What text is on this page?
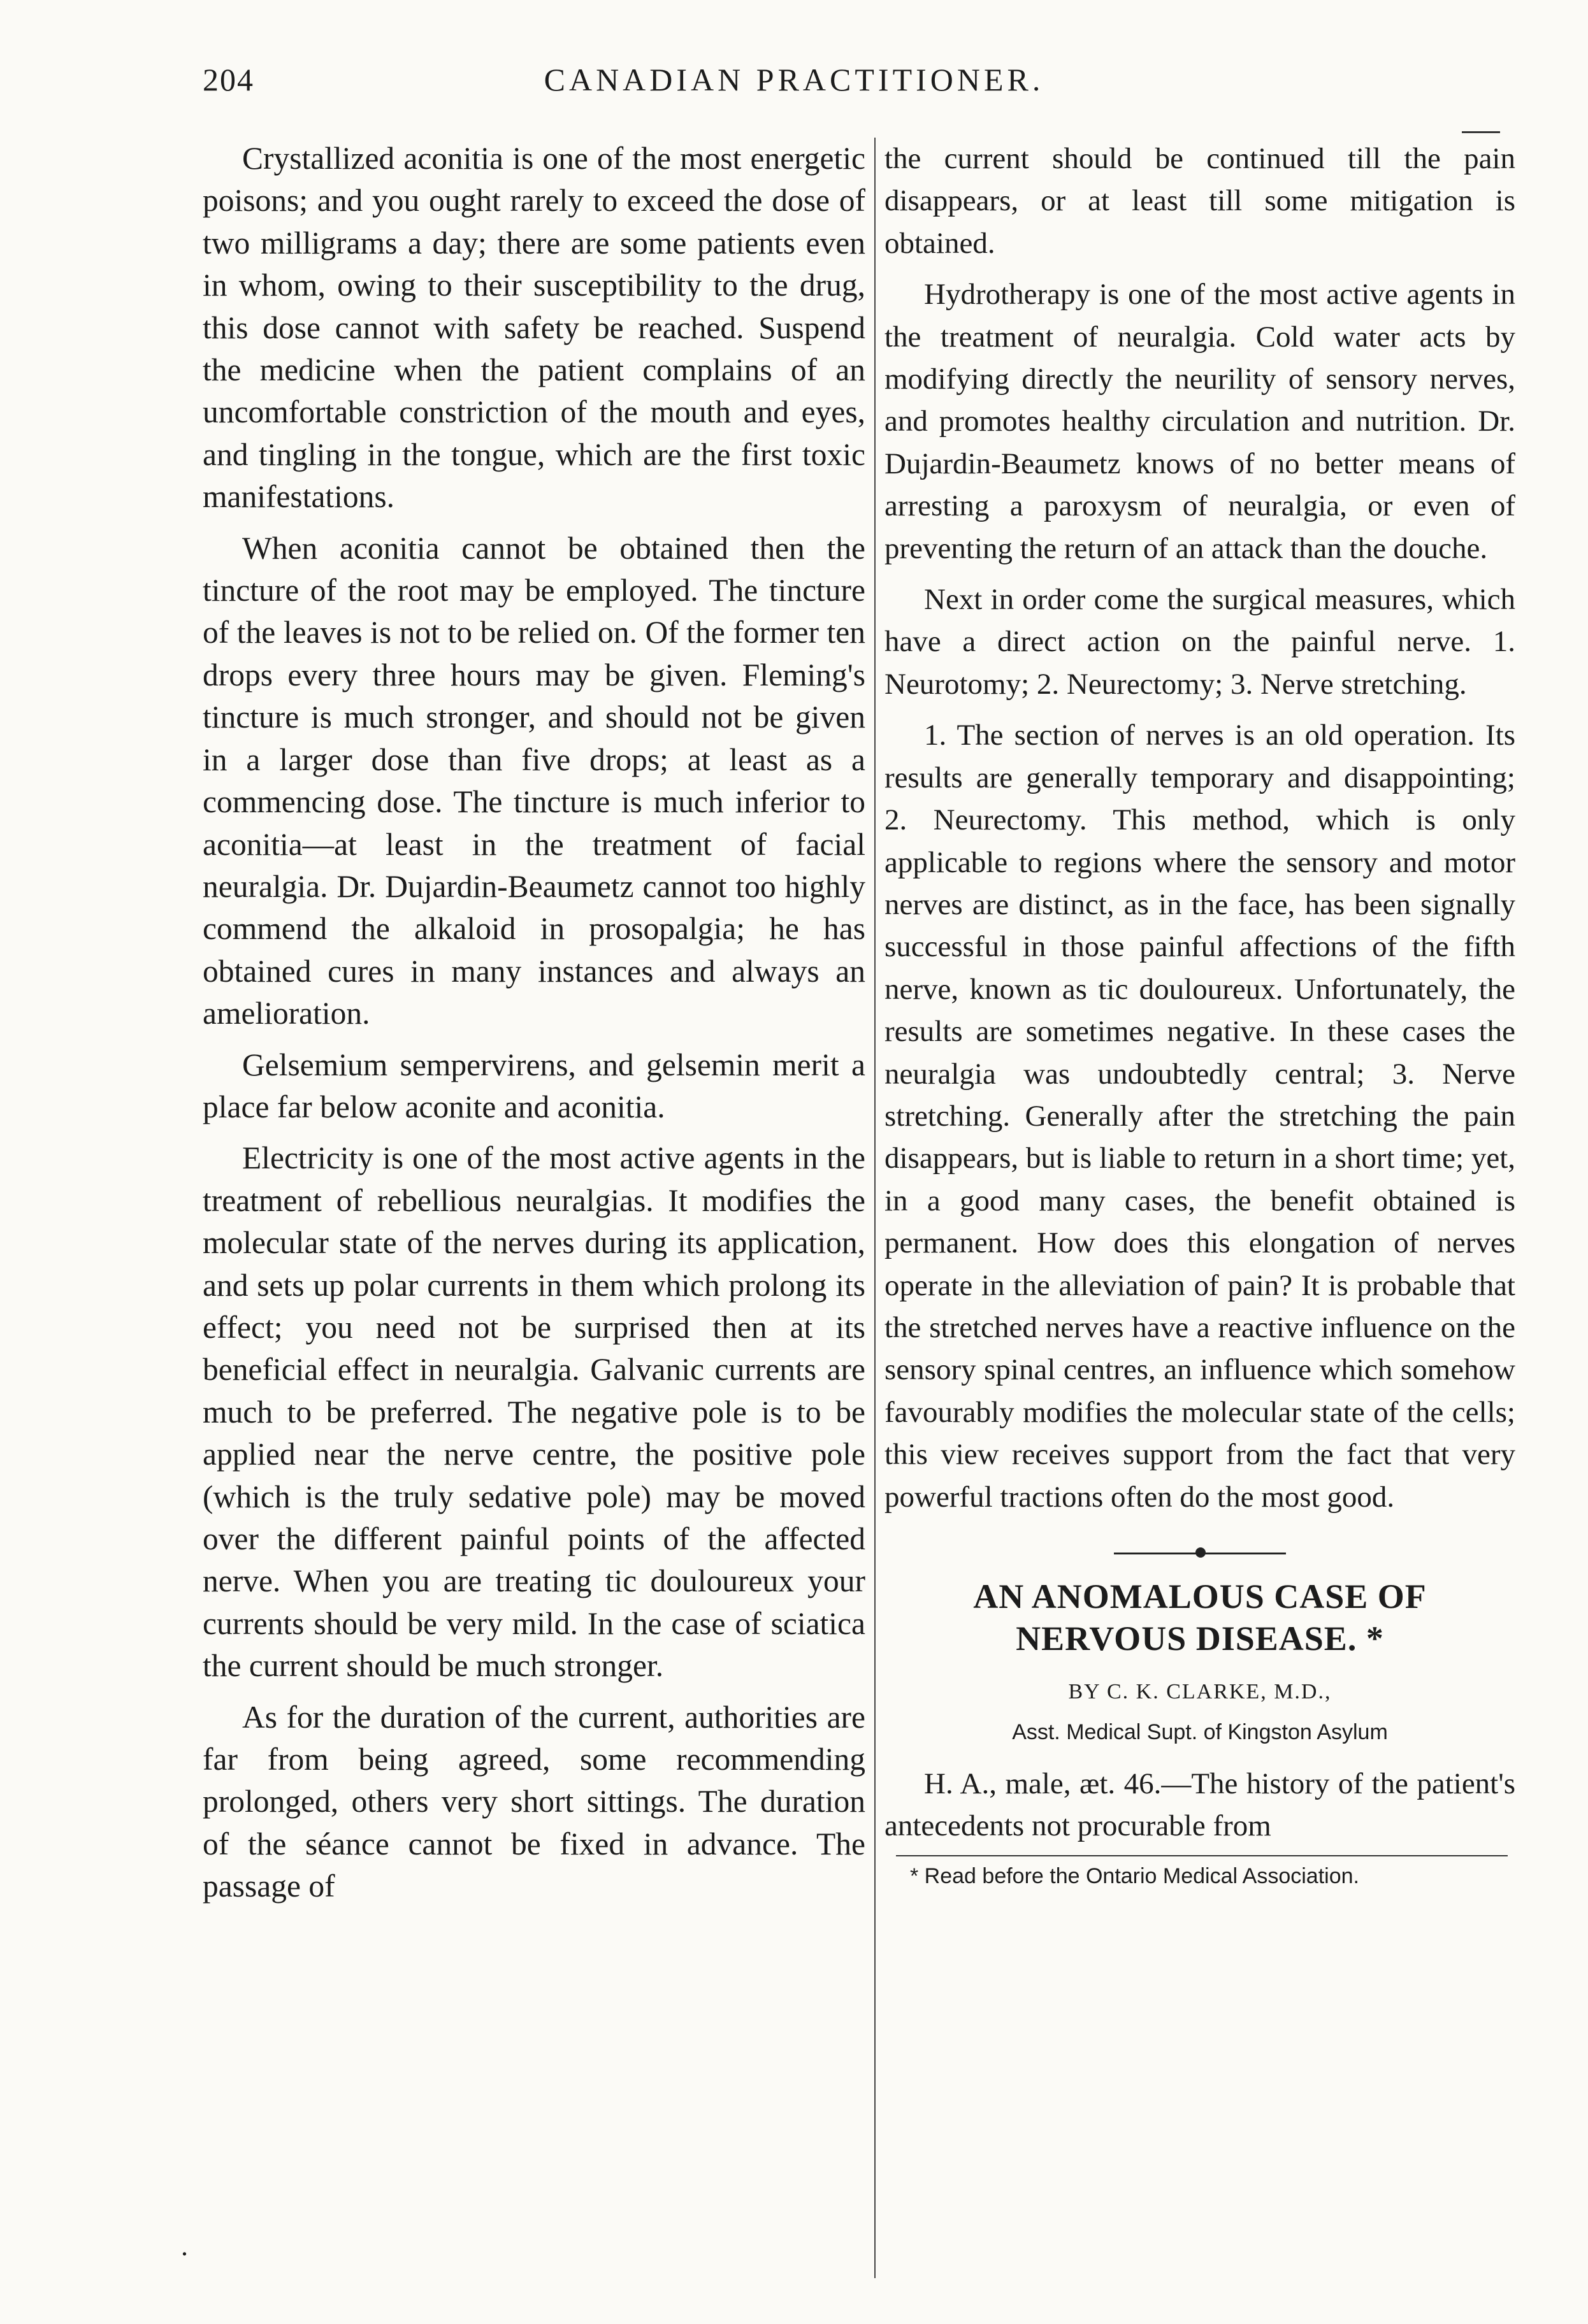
204	CANADIAN PRACTITIONER.

Crystallized aconitia is one of the most energetic poisons; and you ought rarely to exceed the dose of two milligrams a day; there are some patients even in whom, owing to their susceptibility to the drug, this dose cannot with safety be reached. Suspend the medicine when the patient complains of an uncomfortable constriction of the mouth and eyes, and tingling in the tongue, which are the first toxic manifestations.

When aconitia cannot be obtained then the tincture of the root may be employed. The tincture of the leaves is not to be relied on. Of the former ten drops every three hours may be given. Fleming's tincture is much stronger, and should not be given in a larger dose than five drops; at least as a commencing dose. The tincture is much inferior to aconitia—at least in the treatment of facial neuralgia. Dr. Dujardin-Beaumetz cannot too highly commend the alkaloid in prosopalgia; he has obtained cures in many instances and always an amelioration.

Gelsemium sempervirens, and gelsemin merit a place far below aconite and aconitia.

Electricity is one of the most active agents in the treatment of rebellious neuralgias. It modifies the molecular state of the nerves during its application, and sets up polar currents in them which prolong its effect; you need not be surprised then at its beneficial effect in neuralgia. Galvanic currents are much to be preferred. The negative pole is to be applied near the nerve centre, the positive pole (which is the truly sedative pole) may be moved over the different painful points of the affected nerve. When you are treating tic douloureux your currents should be very mild. In the case of sciatica the current should be much stronger.

As for the duration of the current, authorities are far from being agreed, some recommending prolonged, others very short sittings. The duration of the séance cannot be fixed in advance. The passage of

the current should be continued till the pain disappears, or at least till some mitigation is obtained.

Hydrotherapy is one of the most active agents in the treatment of neuralgia. Cold water acts by modifying directly the neurility of sensory nerves, and promotes healthy circulation and nutrition. Dr. Dujardin-Beaumetz knows of no better means of arresting a paroxysm of neuralgia, or even of preventing the return of an attack than the douche.

Next in order come the surgical measures, which have a direct action on the painful nerve. 1. Neurotomy; 2. Neurectomy; 3. Nerve stretching.

1. The section of nerves is an old operation. Its results are generally temporary and disappointing; 2. Neurectomy. This method, which is only applicable to regions where the sensory and motor nerves are distinct, as in the face, has been signally successful in those painful affections of the fifth nerve, known as tic douloureux. Unfortunately, the results are sometimes negative. In these cases the neuralgia was undoubtedly central; 3. Nerve stretching. Generally after the stretching the pain disappears, but is liable to return in a short time; yet, in a good many cases, the benefit obtained is permanent. How does this elongation of nerves operate in the alleviation of pain? It is probable that the stretched nerves have a reactive influence on the sensory spinal centres, an influence which somehow favourably modifies the molecular state of the cells; this view receives support from the fact that very powerful tractions often do the most good.

AN ANOMALOUS CASE OF NERVOUS DISEASE. *
BY C. K. CLARKE, M.D.,
Asst. Medical Supt. of Kingston Asylum

H. A., male, æt. 46.—The history of the patient's antecedents not procurable from

* Read before the Ontario Medical Association.

.
